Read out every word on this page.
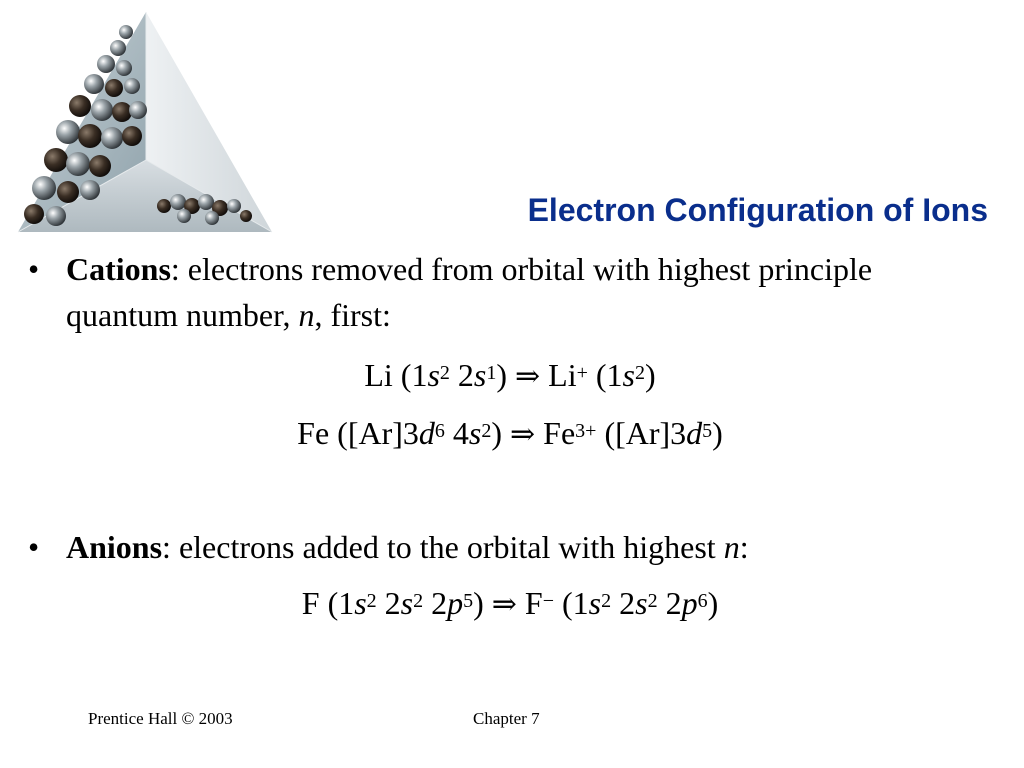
Electron Configuration of Ions
• Cations: electrons removed from orbital with highest principle quantum number, n, first:
Li ($1s^2$ $2s^1$) ⇒ Li+ $(1s^2)$
Fe ($[Ar]3d^6$ $4s^2$) ⇒ $Fe^{3+}$ $([Ar]3d^5)$
• Anions: electrons added to the orbital with highest n:
F ($1s^2$ $2s^2$ $2p^5$) ⇒ F− ($1s^2$ $2s^2$ $2p^6$)
Prentice Hall © 2003	Chapter 7
